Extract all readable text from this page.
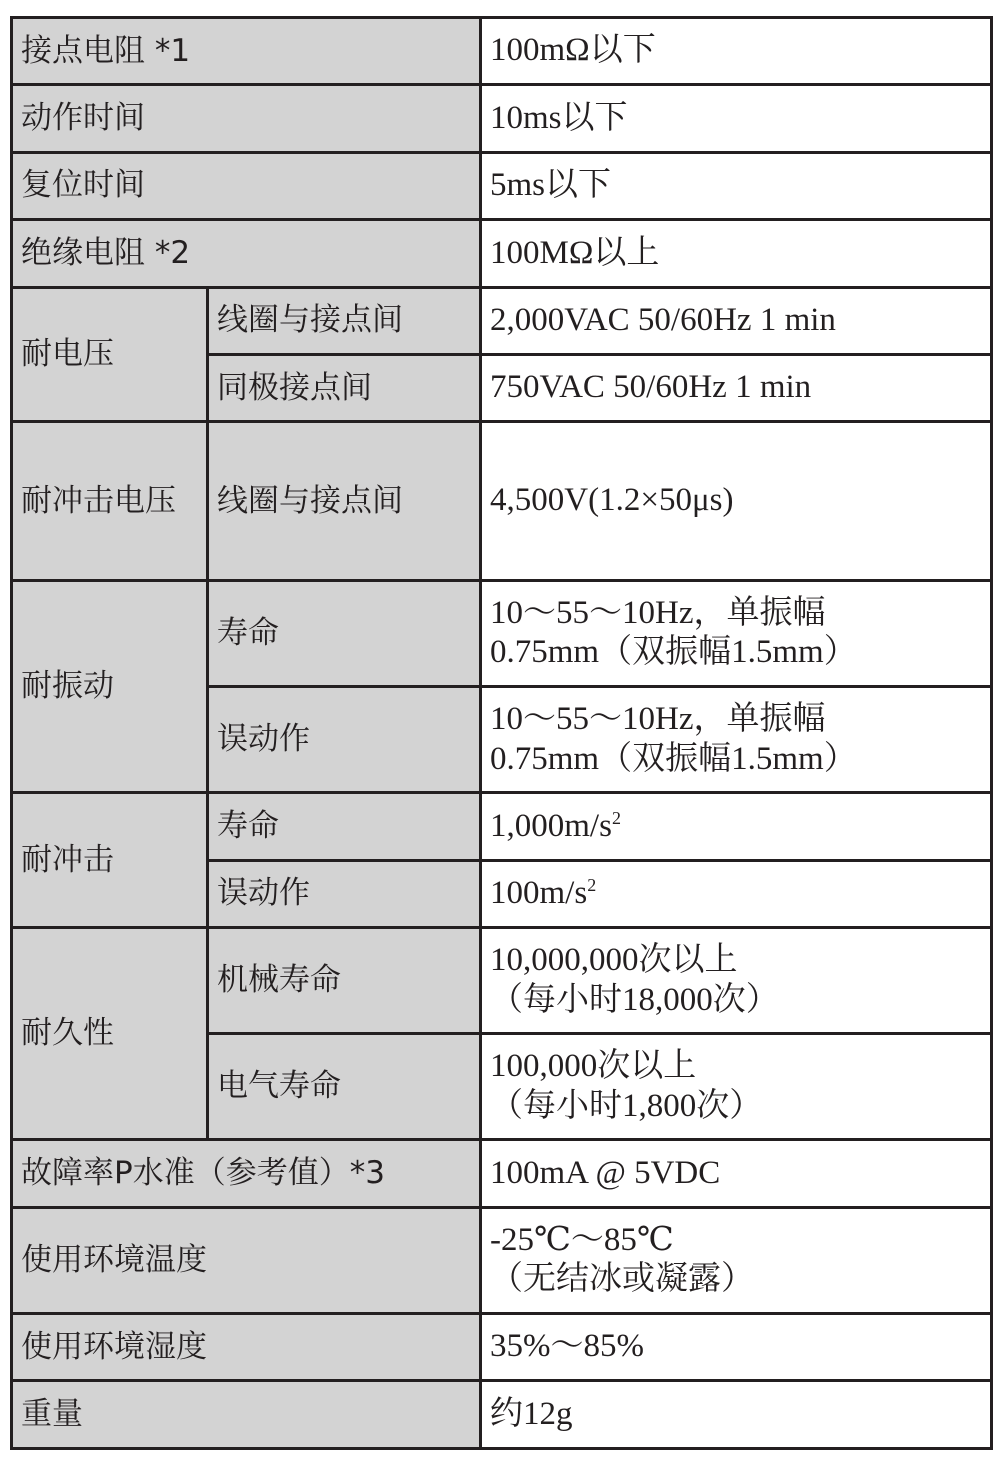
接点电阻 *1		100mΩ以下
动作时间		10ms以下
复位时间		5ms以下
绝缘电阻 *2		100MΩ以上
耐电压	线圈与接点间	2,000VAC 50/60Hz 1 min
	同极接点间	750VAC 50/60Hz 1 min
耐冲击电压	线圈与接点间	4,500V(1.2×50μs)
耐振动	寿命	10～55～10Hz，单振幅
0.75mm（双振幅1.5mm）

	误动作	10～55～10Hz，单振幅
0.75mm（双振幅1.5mm）

耐冲击	寿命	$1,000m/s^2$
	误动作	$100m/s^2$
耐久性	机械寿命	10,000,000次以上
（每小时18,000次）

	电气寿命	100,000次以上
（每小时1,800次）

故障率P水准（参考值）*3		100mA @ 5VDC
使用环境温度		-25℃～85℃
（无结冰或凝露）

使用环境湿度		35%～85%
重量		约12g
